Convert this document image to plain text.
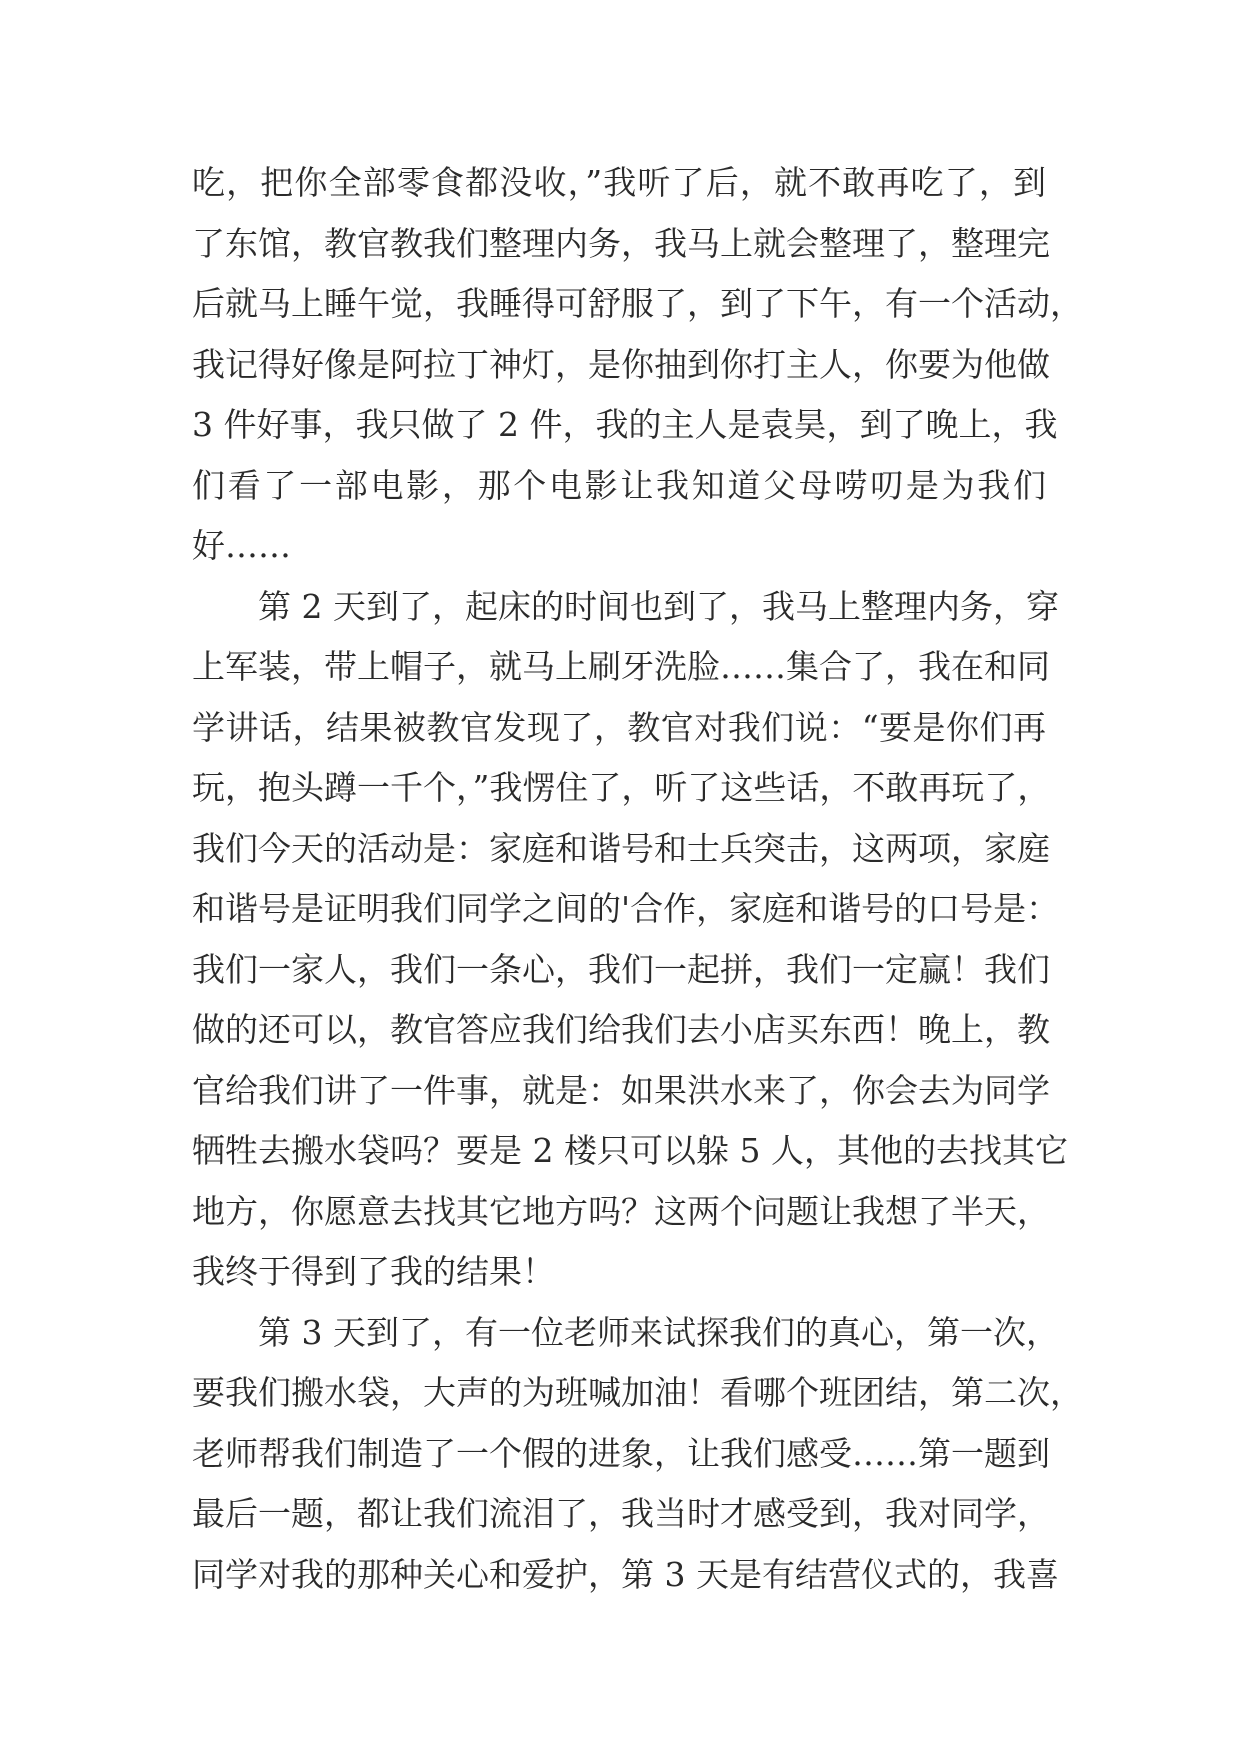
吃，把你全部零食都没收，”我听了后，就不敢再吃了，到
了东馆，教官教我们整理内务，我马上就会整理了，整理完
后就马上睡午觉，我睡得可舒服了，到了下午，有一个活动，
我记得好像是阿拉丁神灯，是你抽到你打主人，你要为他做
3 件好事，我只做了 2 件，我的主人是袁昊，到了晚上，我
们看了一部电影，那个电影让我知道父母唠叨是为我们
好……
第 2 天到了，起床的时间也到了，我马上整理内务，穿
上军装，带上帽子，就马上刷牙洗脸……集合了，我在和同
学讲话，结果被教官发现了，教官对我们说：“要是你们再
玩，抱头蹲一千个，”我愣住了，听了这些话，不敢再玩了，
我们今天的活动是：家庭和谐号和士兵突击，这两项，家庭
和谐号是证明我们同学之间的'合作，家庭和谐号的口号是：
我们一家人，我们一条心，我们一起拼，我们一定赢！我们
做的还可以，教官答应我们给我们去小店买东西！晚上，教
官给我们讲了一件事，就是：如果洪水来了，你会去为同学
牺牲去搬水袋吗？要是 2 楼只可以躲 5 人，其他的去找其它
地方，你愿意去找其它地方吗？这两个问题让我想了半天，
我终于得到了我的结果！
第 3 天到了，有一位老师来试探我们的真心，第一次，
要我们搬水袋，大声的为班喊加油！看哪个班团结，第二次，
老师帮我们制造了一个假的进象，让我们感受……第一题到
最后一题，都让我们流泪了，我当时才感受到，我对同学，
同学对我的那种关心和爱护，第 3 天是有结营仪式的，我喜
